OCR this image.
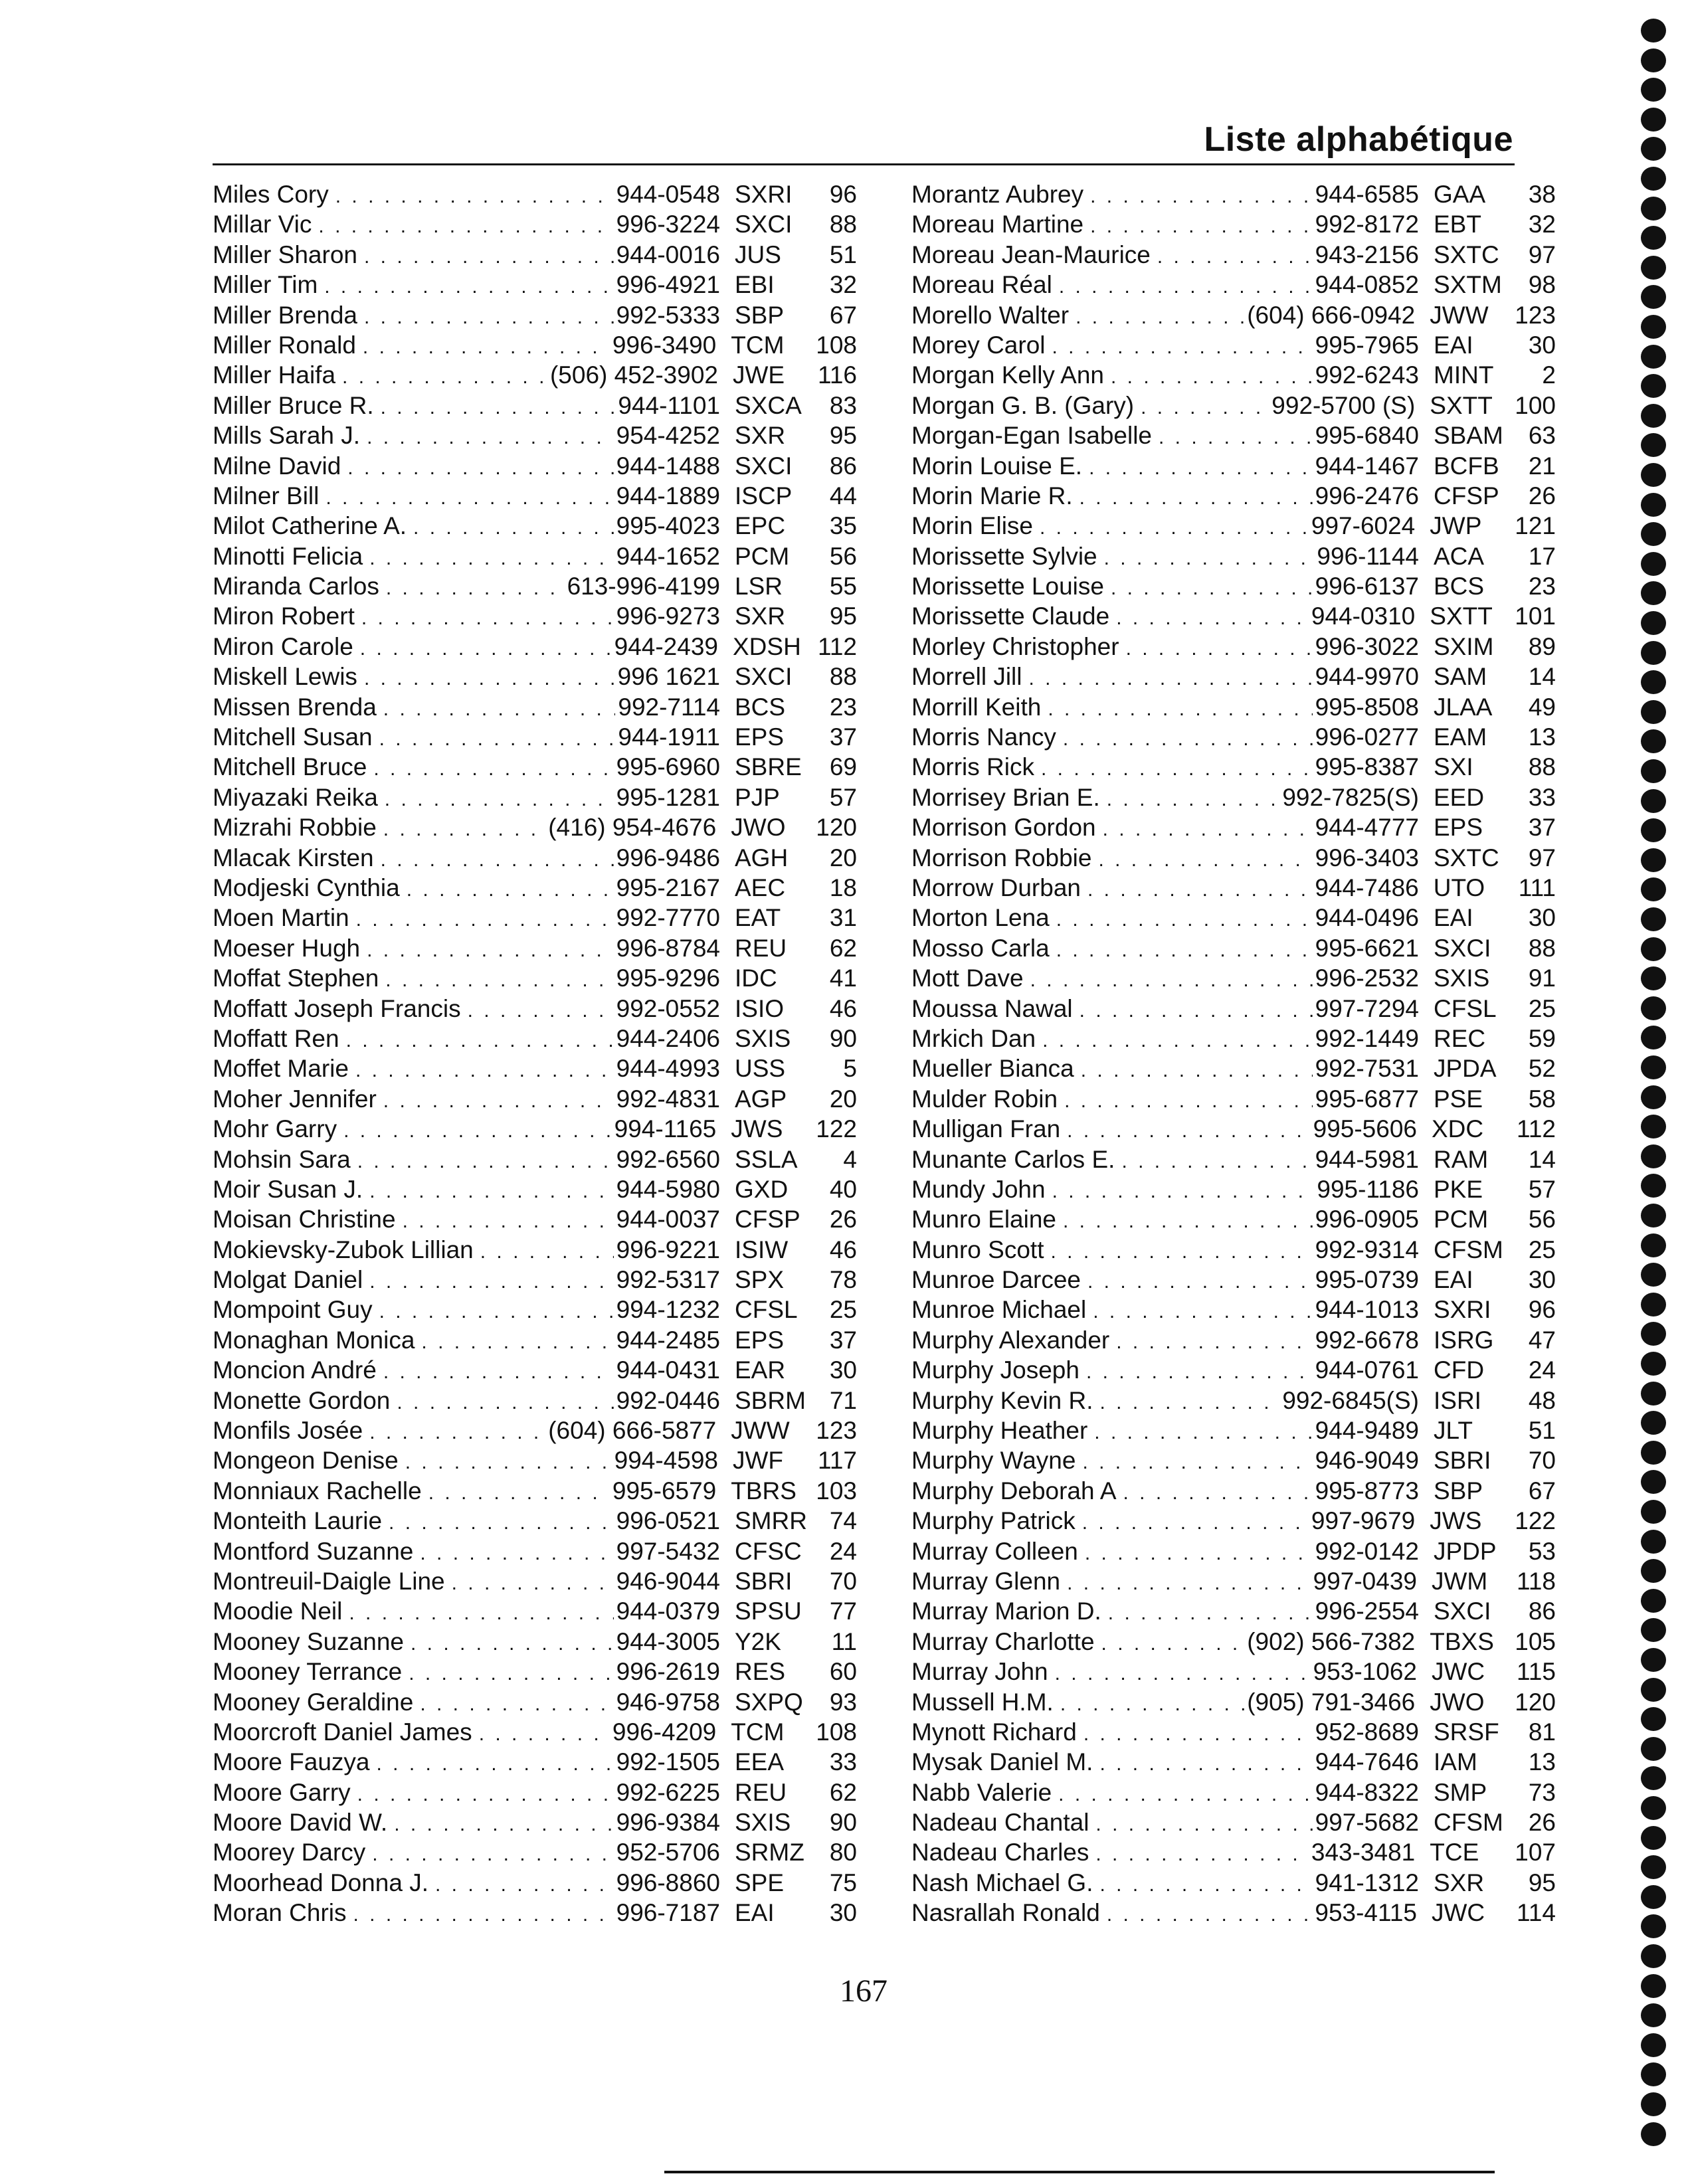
Liste alphabétique
Miles Cory . . .	944-0548 SXRI	96
Millar Vic . . .	996-3224 SXCI	88
Miller Sharon . . .	944-0016 JUS	51
Miller Tim . . .	996-4921 EBI	32
Miller Brenda . . .	992-5333 SBP	67
Miller Ronald . . .	996-3490 TCM	108
Miller Haifa . . .	(506) 452-3902 JWE	116
Miller Bruce R. . . .	944-1101 SXCA	83
Mills Sarah J. . . .	954-4252 SXR	95
Milne David . . .	944-1488 SXCI	86
Milner Bill . . .	944-1889 ISCP	44
Milot Catherine A. . . .	995-4023 EPC	35
Minotti Felicia . . .	944-1652 PCM	56
Miranda Carlos . . .	613-996-4199 LSR	55
Miron Robert . . .	996-9273 SXR	95
Miron Carole . . .	944-2439 XDSH 112
Miskell Lewis . . .	996 1621 SXCI	88
Missen Brenda . . .	992-7114 BCS	23
Mitchell Susan . . .	944-1911 EPS	37
Mitchell Bruce . . .	995-6960 SBRE	69
Miyazaki Reika . . .	995-1281 PJP	57
Mizrahi Robbie . . .	(416) 954-4676 JWO	120
Mlacak Kirsten . . .	996-9486 AGH	20
Modjeski Cynthia . . .	995-2167 AEC	18
Moen Martin . . .	992-7770 EAT	31
Moeser Hugh . . .	996-8784 REU	62
Moffat Stephen . . .	995-9296 IDC	41
Moffatt Joseph Francis . . .	992-0552 ISIO	46
Moffatt Ren . . .	944-2406 SXIS	90
Moffet Marie . . .	944-4993 USS	5
Moher Jennifer . . .	992-4831 AGP	20
Mohr Garry . . .	994-1165 JWS	122
Mohsin Sara . . .	992-6560 SSLA	4
Moir Susan J. . . .	944-5980 GXD	40
Moisan Christine . . .	944-0037 CFSP	26
Mokievsky-Zubok Lillian . . .	996-9221 ISIW	46
Molgat Daniel . . .	992-5317 SPX	78
Mompoint Guy . . .	994-1232 CFSL	25
Monaghan Monica . . .	944-2485 EPS	37
Moncion André . . .	944-0431 EAR	30
Monette Gordon . . .	992-0446 SBRM 71
Monfils Josée . . .	(604) 666-5877 JWW	123
Mongeon Denise . . .	994-4598 JWF	117
Monniaux Rachelle . . .	995-6579 TBRS 103
Monteith Laurie . . .	996-0521 SMRR 74
Montford Suzanne . . .	997-5432 CFSC	24
Montreuil-Daigle Line . . .	946-9044 SBRI	70
Moodie Neil . . .	944-0379 SPSU	77
Mooney Suzanne . . .	944-3005 Y2K	11
Mooney Terrance . . .	996-2619 RES	60
Mooney Geraldine . . .	946-9758 SXPQ	93
Moorcroft Daniel James . . .	996-4209 TCM	108
Moore Fauzya . . .	992-1505 EEA	33
Moore Garry . . .	992-6225 REU	62
Moore David W. . . .	996-9384 SXIS	90
Moorey Darcy . . .	952-5706 SRMZ	80
Moorhead Donna J. . . .	996-8860 SPE	75
Moran Chris . . .	996-7187 EAI	30
Morantz Aubrey . . .	944-6585 GAA	38
Moreau Martine . . .	992-8172 EBT	32
Moreau Jean-Maurice . . .	943-2156 SXTC	97
Moreau Réal . . .	944-0852 SXTM	98
Morello Walter . . .	(604) 666-0942 JWW	123
Morey Carol . . .	995-7965 EAI	30
Morgan Kelly Ann . . .	992-6243 MINT	2
Morgan G. B. (Gary) . . .	992-5700 (S) SXTT 100
Morgan-Egan Isabelle . . .	995-6840 SBAM	63
Morin Louise E. . . .	944-1467 BCFB	21
Morin Marie R. . . .	996-2476 CFSP	26
Morin Elise . . .	997-6024 JWP	121
Morissette Sylvie . . .	996-1144 ACA	17
Morissette Louise . . .	996-6137 BCS	23
Morissette Claude . . .	944-0310 SXTT 101
Morley Christopher . . .	996-3022 SXIM	89
Morrell Jill . . .	944-9970 SAM	14
Morrill Keith . . .	995-8508 JLAA	49
Morris Nancy . . .	996-0277 EAM	13
Morris Rick . . .	995-8387 SXI	88
Morrisey Brian E. . . .	992-7825(S) EED	33
Morrison Gordon . . .	944-4777 EPS	37
Morrison Robbie . . .	996-3403 SXTC	97
Morrow Durban . . .	944-7486 UTO	111
Morton Lena . . .	944-0496 EAI	30
Mosso Carla . . .	995-6621 SXCI	88
Mott Dave . . .	996-2532 SXIS	91
Moussa Nawal . . .	997-7294 CFSL	25
Mrkich Dan . . .	992-1449 REC	59
Mueller Bianca . . .	992-7531 JPDA	52
Mulder Robin . . .	995-6877 PSE	58
Mulligan Fran . . .	995-5606 XDC	112
Munante Carlos E. . . .	944-5981 RAM	14
Mundy John . . .	995-1186 PKE	57
Munro Elaine . . .	996-0905 PCM	56
Munro Scott . . .	992-9314 CFSM	25
Munroe Darcee . . .	995-0739 EAI	30
Munroe Michael . . .	944-1013 SXRI	96
Murphy Alexander . . .	992-6678 ISRG	47
Murphy Joseph . . .	944-0761 CFD	24
Murphy Kevin R. . . .	992-6845(S) ISRI	48
Murphy Heather . . .	944-9489 JLT	51
Murphy Wayne . . .	946-9049 SBRI	70
Murphy Deborah A . . .	995-8773 SBP	67
Murphy Patrick . . .	997-9679 JWS	122
Murray Colleen . . .	992-0142 JPDP	53
Murray Glenn . . .	997-0439 JWM	118
Murray Marion D. . . .	996-2554 SXCI	86
Murray Charlotte . . .	(902) 566-7382 TBXS 105
Murray John . . .	953-1062 JWC	115
Mussell H.M. . . .	(905) 791-3466 JWO	120
Mynott Richard . . .	952-8689 SRSF	81
Mysak Daniel M. . . .	944-7646 IAM	13
Nabb Valerie . . .	944-8322 SMP	73
Nadeau Chantal . . .	997-5682 CFSM	26
Nadeau Charles . . .	343-3481 TCE	107
Nash Michael G. . . .	941-1312 SXR	95
Nasrallah Ronald . . .	953-4115 JWC	114
167
